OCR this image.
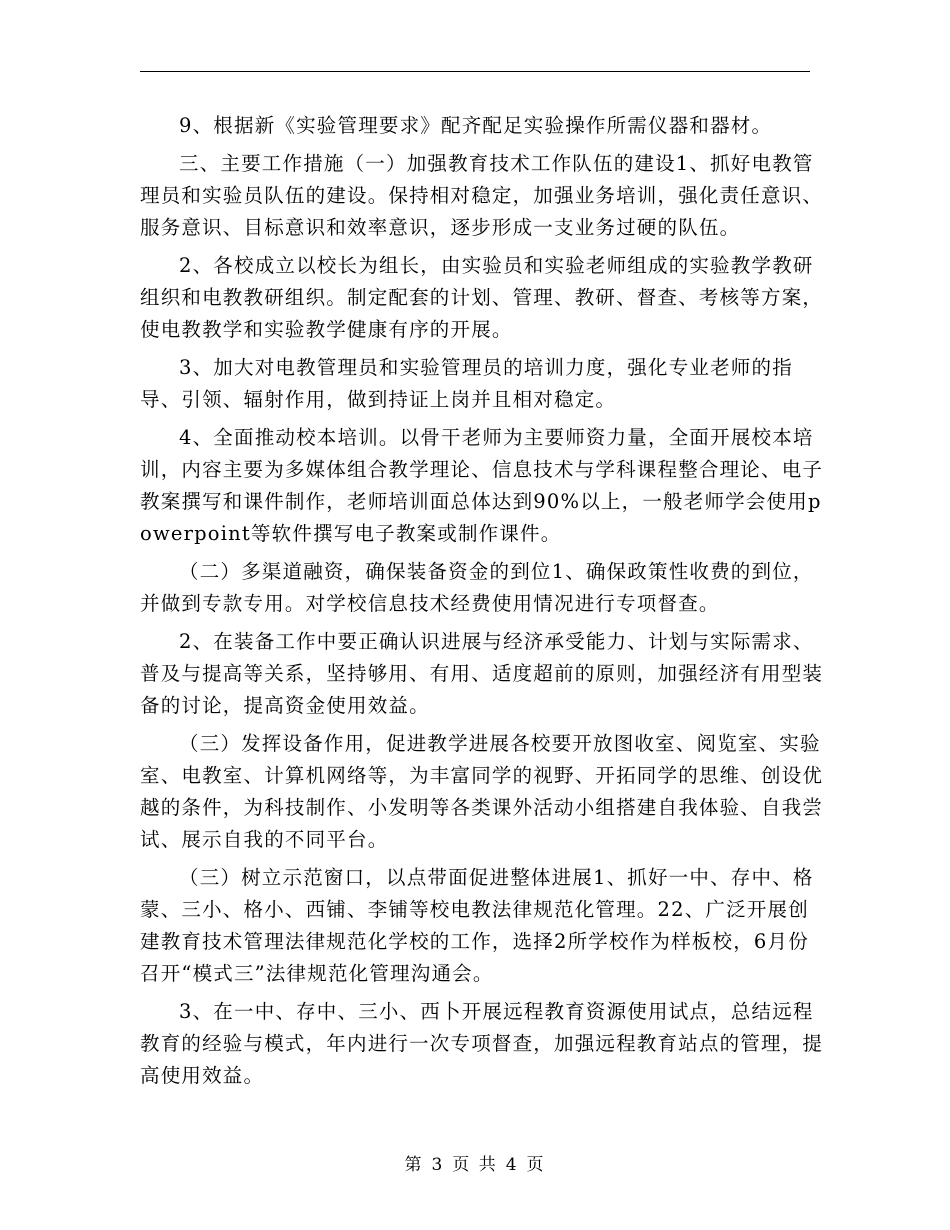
9、根据新《实验管理要求》配齐配足实验操作所需仪器和器材。

三、主要工作措施（一）加强教育技术工作队伍的建设1、抓好电教管理员和实验员队伍的建设。保持相对稳定，加强业务培训，强化责任意识、服务意识、目标意识和效率意识，逐步形成一支业务过硬的队伍。

2、各校成立以校长为组长，由实验员和实验老师组成的实验教学教研组织和电教教研组织。制定配套的计划、管理、教研、督查、考核等方案，使电教教学和实验教学健康有序的开展。

3、加大对电教管理员和实验管理员的培训力度，强化专业老师的指导、引领、辐射作用，做到持证上岗并且相对稳定。

4、全面推动校本培训。以骨干老师为主要师资力量，全面开展校本培训，内容主要为多媒体组合教学理论、信息技术与学科课程整合理论、电子教案撰写和课件制作，老师培训面总体达到90%以上，一般老师学会使用powerpoint等软件撰写电子教案或制作课件。

（二）多渠道融资，确保装备资金的到位1、确保政策性收费的到位，并做到专款专用。对学校信息技术经费使用情况进行专项督查。

2、在装备工作中要正确认识进展与经济承受能力、计划与实际需求、普及与提高等关系，坚持够用、有用、适度超前的原则，加强经济有用型装备的讨论，提高资金使用效益。

（三）发挥设备作用，促进教学进展各校要开放图收室、阅览室、实验室、电教室、计算机网络等，为丰富同学的视野、开拓同学的思维、创设优越的条件，为科技制作、小发明等各类课外活动小组搭建自我体验、自我尝试、展示自我的不同平台。

（三）树立示范窗口，以点带面促进整体进展1、抓好一中、存中、格蒙、三小、格小、西铺、李铺等校电教法律规范化管理。22、广泛开展创建教育技术管理法律规范化学校的工作，选择2所学校作为样板校，6月份召开“模式三”法律规范化管理沟通会。

3、在一中、存中、三小、西卜开展远程教育资源使用试点，总结远程教育的经验与模式，年内进行一次专项督查，加强远程教育站点的管理，提高使用效益。

第 3 页 共 4 页
